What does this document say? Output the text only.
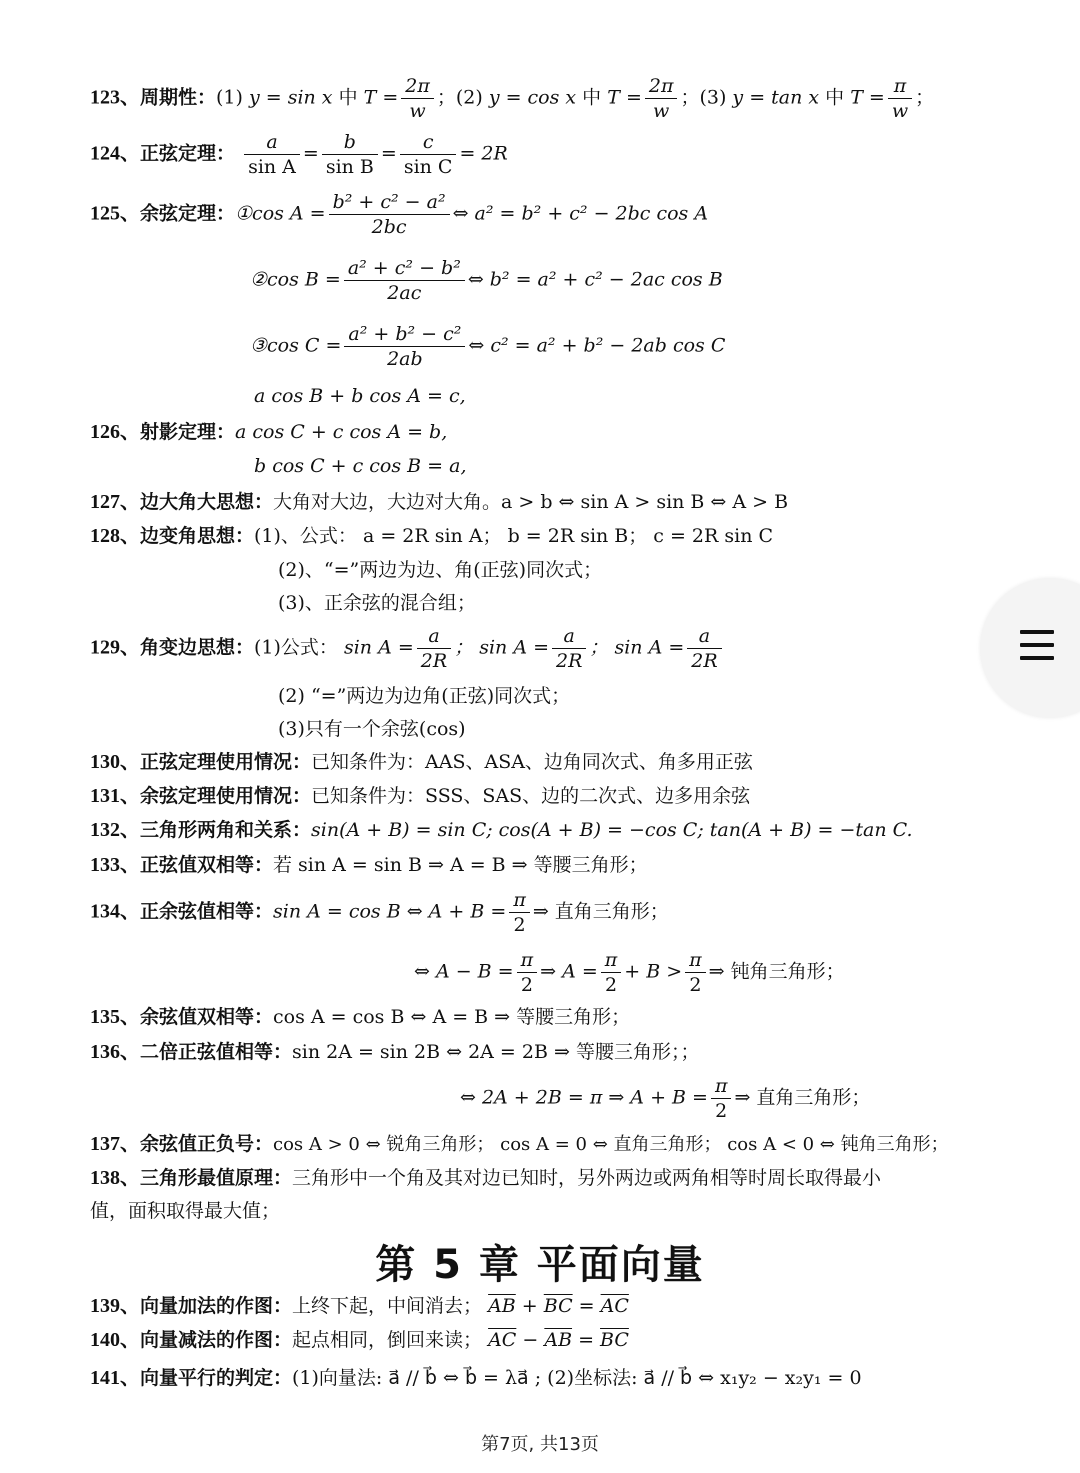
123、周期性：(1) y = sin x 中 $T = \frac{2\pi}{w}$ ；(2) y = cos x 中 $T = \frac{2\pi}{w}$ ；(3) y = tan x 中 $T = \frac{\pi}{w}$ ；
124、正弦定理： $\frac{a}{\text{sin A}} = \frac{b}{\text{sin B}} = \frac{c}{\text{sin C}} = 2R$
125、余弦定理：①cos $A = \frac{\text{b² + c² − a²}}{2bc}$ ⇔ a² = b² + c² − 2bc cos A
②cos $B = \frac{\text{a² + c² − b²}}{2ac}$ ⇔ b² = a² + c² − 2ac cos B
③cos $C = \frac{\text{a² + b² − c²}}{2ab}$ ⇔ c² = a² + b² − 2ab cos C
a cos B + b cos A = c,
126、射影定理：a cos C + c cos A = b,
b cos C + c cos B = a,
127、边大角大思想：大角对大边，大边对大角。a > b ⇔ sin A > sin B ⇔ A > B
128、边变角思想：(1)、公式： a = 2R sin A； b = 2R sin B； c = 2R sin C
(2)、“=”两边为边、角(正弦)同次式；
(3)、正余弦的混合组；
129、角变边思想：(1)公式： $\sin A = \frac{a}{2R}$ ； $\sin A = \frac{a}{2R}$ ； $\sin A = \frac{a}{2R}$
(2) “=”两边为边角(正弦)同次式；
(3)只有一个余弦(cos)
130、正弦定理使用情况：已知条件为：AAS、ASA、边角同次式、角多用正弦
131、余弦定理使用情况：已知条件为：SSS、SAS、边的二次式、边多用余弦
132、三角形两角和关系：sin(A + B) = sin C; cos(A + B) = −cos C; tan(A + B) = −tan C.
133、正弦值双相等：若 sin A = sin B ⇒ A = B ⇒ 等腰三角形；
134、正余弦值相等：sin A = cos B ⇔ $A + B = \frac{\pi}{2}$ ⇒ 直角三角形；
⇔ $A - B = \frac{\pi}{2}$ ⇒ $A = \frac{\pi}{2} + B > \frac{\pi}{2}$ ⇒ 钝角三角形；
135、余弦值双相等：cos A = cos B ⇔ A = B ⇒ 等腰三角形；
136、二倍正弦值相等：sin 2A = sin 2B ⇔ 2A = 2B ⇒ 等腰三角形；；
⇔ 2A + 2B = π ⇒ $A + B = \frac{\pi}{2}$ ⇒ 直角三角形；
137、余弦值正负号：cos A > 0 ⇔ 锐角三角形； cos A = 0 ⇔ 直角三角形； cos A < 0 ⇔ 钝角三角形；
138、三角形最值原理：三角形中一个角及其对边已知时，另外两边或两角相等时周长取得最小
值，面积取得最大值；
第 5 章 平面向量
139、向量加法的作图：上终下起，中间消去； $\overline{AB} + \overline{BC} = \overline{AC}$
140、向量减法的作图：起点相同，倒回来读； $\overline{AC} - \overline{AB} = \overline{BC}$
141、向量平行的判定：(1)向量法: a⃗ // b⃗ ⇔ b⃗ = λa⃗ ; (2)坐标法: a⃗ // b⃗ ⇔ x₁y₂ − x₂y₁ = 0
第7页, 共13页
